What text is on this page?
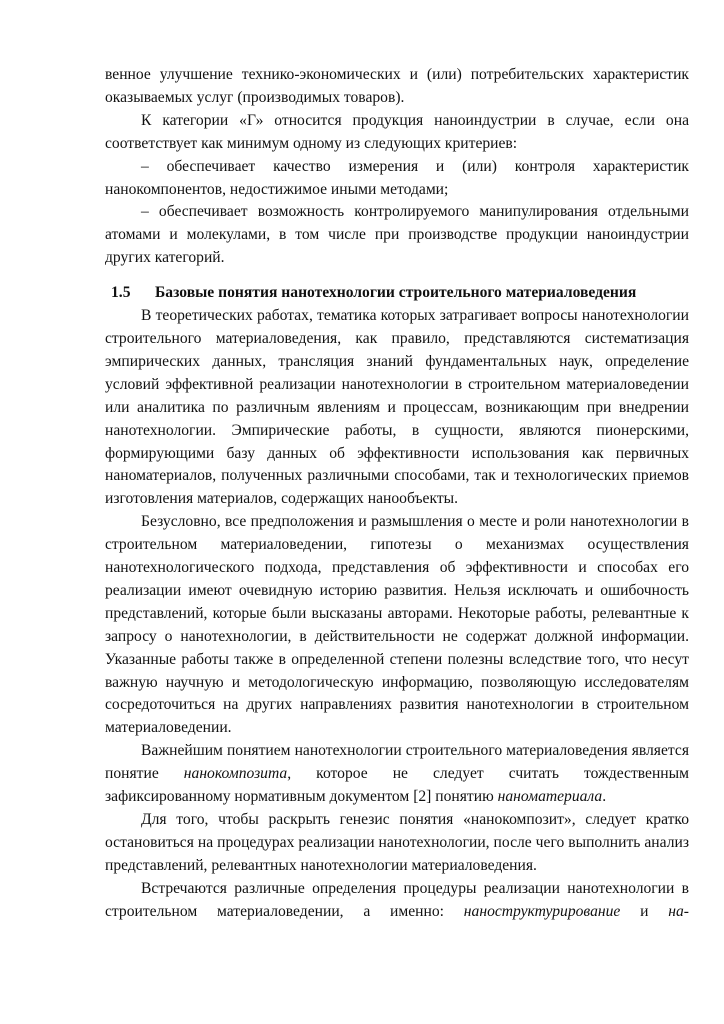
венное улучшение технико-экономических и (или) потребительских характеристик оказываемых услуг (производимых товаров).

К категории «Г» относится продукция наноиндустрии в случае, если она соответствует как минимум одному из следующих критериев:

– обеспечивает качество измерения и (или) контроля характеристик нанокомпонентов, недостижимое иными методами;

– обеспечивает возможность контролируемого манипулирования отдельными атомами и молекулами, в том числе при производстве продукции наноиндустрии других категорий.

1.5	Базовые понятия нанотехнологии строительного материаловедения

В теоретических работах, тематика которых затрагивает вопросы нанотехнологии строительного материаловедения, как правило, представляются систематизация эмпирических данных, трансляция знаний фундаментальных наук, определение условий эффективной реализации нанотехнологии в строительном материаловедении или аналитика по различным явлениям и процессам, возникающим при внедрении нанотехнологии. Эмпирические работы, в сущности, являются пионерскими, формирующими базу данных об эффективности использования как первичных наноматериалов, полученных различными способами, так и технологических приемов изготовления материалов, содержащих нанообъекты.

Безусловно, все предположения и размышления о месте и роли нанотехнологии в строительном материаловедении, гипотезы о механизмах осуществления нанотехнологического подхода, представления об эффективности и способах его реализации имеют очевидную историю развития. Нельзя исключать и ошибочность представлений, которые были высказаны авторами. Некоторые работы, релевантные к запросу о нанотехнологии, в действительности не содержат должной информации. Указанные работы также в определенной степени полезны вследствие того, что несут важную научную и методологическую информацию, позволяющую исследователям сосредоточиться на других направлениях развития нанотехнологии в строительном материаловедении.

Важнейшим понятием нанотехнологии строительного материаловедения является понятие нанокомпозита, которое не следует считать тождественным зафиксированному нормативным документом [2] понятию наноматериала.

Для того, чтобы раскрыть генезис понятия «нанокомпозит», следует кратко остановиться на процедурах реализации нанотехнологии, после чего выполнить анализ представлений, релевантных нанотехнологии материаловедения.

Встречаются различные определения процедуры реализации нанотехнологии в строительном материаловедении, а именно: наноструктурирование и на-
